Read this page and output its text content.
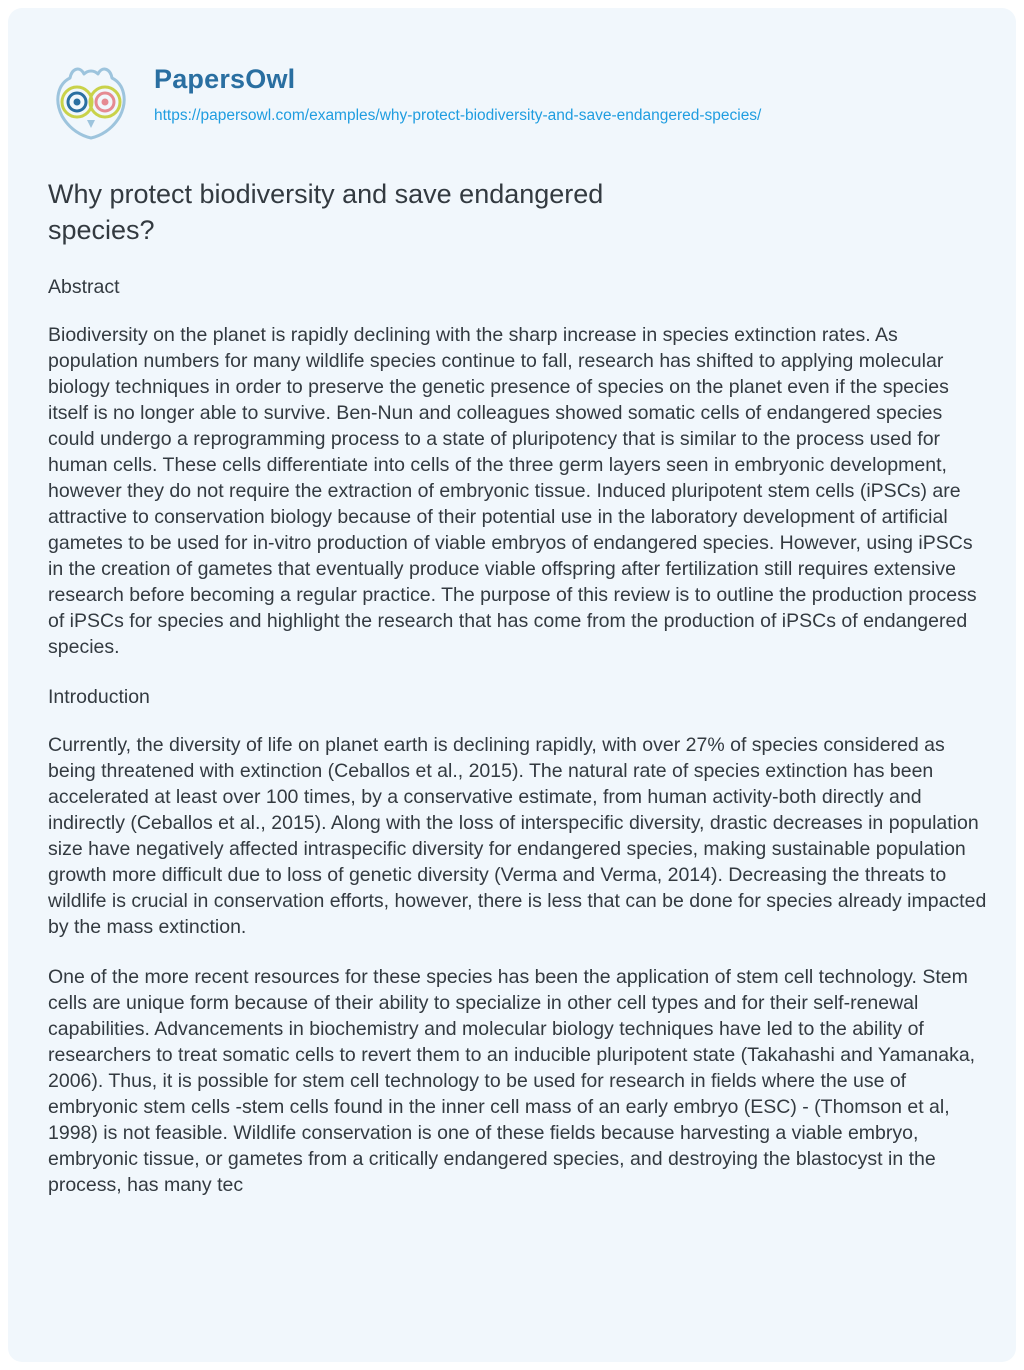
PapersOwl
https://papersowl.com/examples/why-protect-biodiversity-and-save-endangered-species/
Why protect biodiversity and save endangered species?
Abstract

Biodiversity on the planet is rapidly declining with the sharp increase in species extinction rates. As population numbers for many wildlife species continue to fall, research has shifted to applying molecular biology techniques in order to preserve the genetic presence of species on the planet even if the species itself is no longer able to survive. Ben-Nun and colleagues showed somatic cells of endangered species could undergo a reprogramming process to a state of pluripotency that is similar to the process used for human cells. These cells differentiate into cells of the three germ layers seen in embryonic development, however they do not require the extraction of embryonic tissue. Induced pluripotent stem cells (iPSCs) are attractive to conservation biology because of their potential use in the laboratory development of artificial gametes to be used for in-vitro production of viable embryos of endangered species. However, using iPSCs in the creation of gametes that eventually produce viable offspring after fertilization still requires extensive research before becoming a regular practice. The purpose of this review is to outline the production process of iPSCs for species and highlight the research that has come from the production of iPSCs of endangered species.

Introduction

Currently, the diversity of life on planet earth is declining rapidly, with over 27% of species considered as being threatened with extinction (Ceballos et al., 2015). The natural rate of species extinction has been accelerated at least over 100 times, by a conservative estimate, from human activity-both directly and indirectly (Ceballos et al., 2015). Along with the loss of interspecific diversity, drastic decreases in population size have negatively affected intraspecific diversity for endangered species, making sustainable population growth more difficult due to loss of genetic diversity (Verma and Verma, 2014). Decreasing the threats to wildlife is crucial in conservation efforts, however, there is less that can be done for species already impacted by the mass extinction.

One of the more recent resources for these species has been the application of stem cell technology. Stem cells are unique form because of their ability to specialize in other cell types and for their self-renewal capabilities. Advancements in biochemistry and molecular biology techniques have led to the ability of researchers to treat somatic cells to revert them to an inducible pluripotent state (Takahashi and Yamanaka, 2006). Thus, it is possible for stem cell technology to be used for research in fields where the use of embryonic stem cells -stem cells found in the inner cell mass of an early embryo (ESC) - (Thomson et al, 1998) is not feasible. Wildlife conservation is one of these fields because harvesting a viable embryo, embryonic tissue, or gametes from a critically endangered species, and destroying the blastocyst in the process, has many tec
